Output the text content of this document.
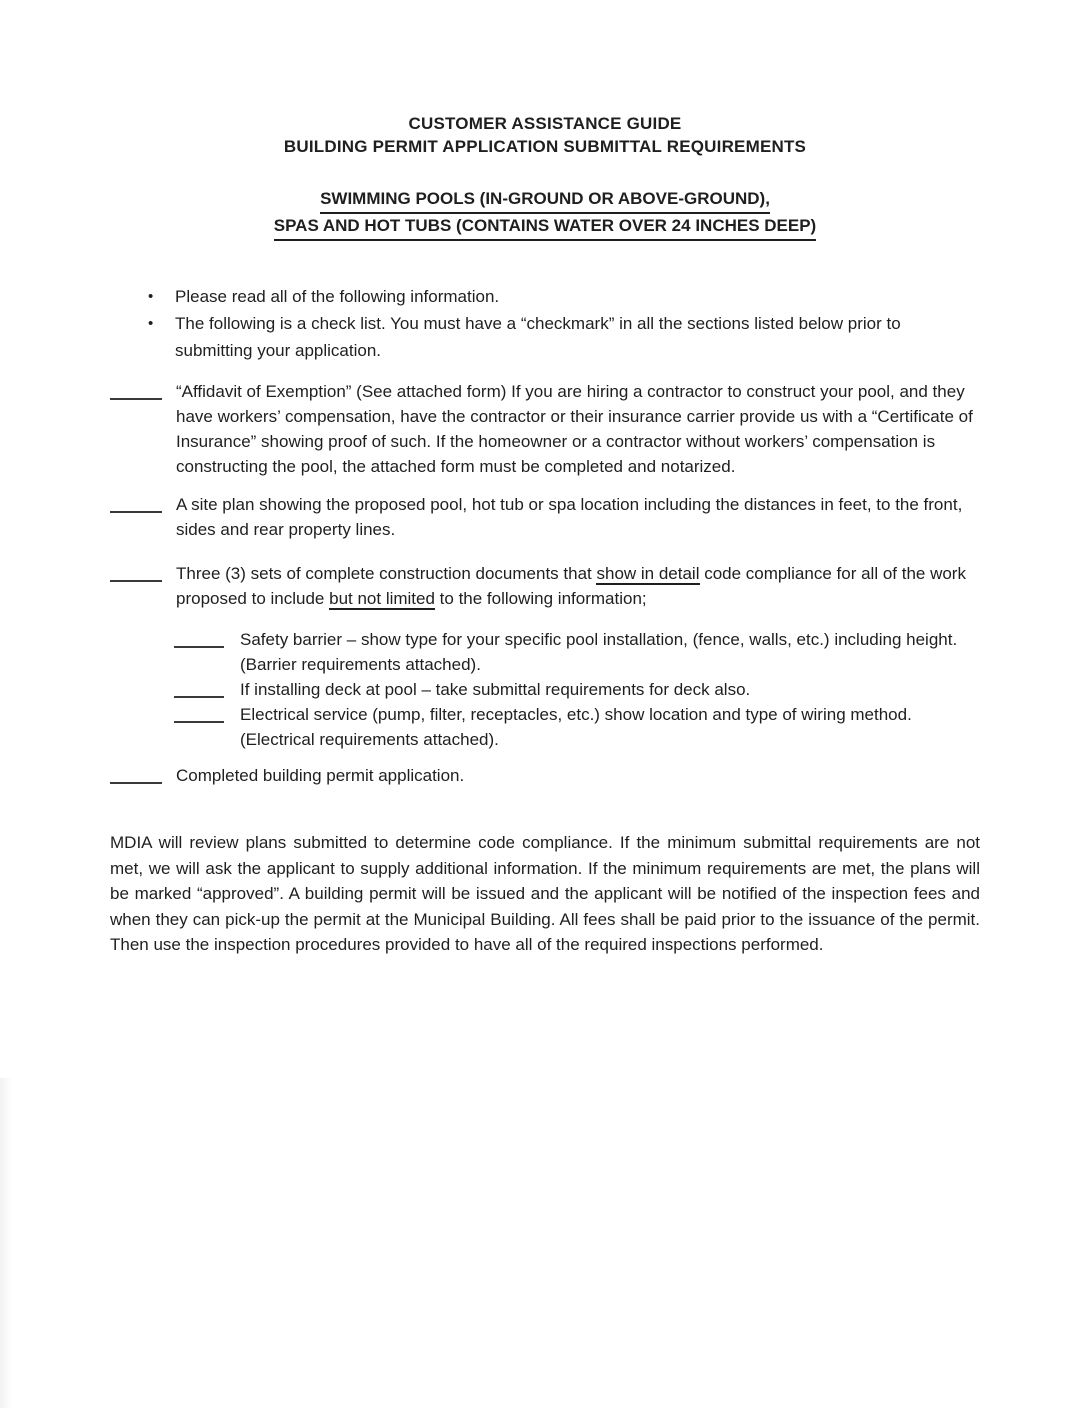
CUSTOMER ASSISTANCE GUIDE
BUILDING PERMIT APPLICATION SUBMITTAL REQUIREMENTS
SWIMMING POOLS (IN-GROUND OR ABOVE-GROUND),
SPAS AND HOT TUBS (CONTAINS WATER OVER 24 INCHES DEEP)
•	Please read all of the following information.
•	The following is a check list. You must have a “checkmark” in all the sections listed below prior to submitting your application.
“Affidavit of Exemption” (See attached form) If you are hiring a contractor to construct your pool, and they have workers’ compensation, have the contractor or their insurance carrier provide us with a “Certificate of Insurance” showing proof of such. If the homeowner or a contractor without workers’ compensation is constructing the pool, the attached form must be completed and notarized.
A site plan showing the proposed pool, hot tub or spa location including the distances in feet, to the front, sides and rear property lines.
Three (3) sets of complete construction documents that show in detail code compliance for all of the work proposed to include but not limited to the following information;
Safety barrier – show type for your specific pool installation, (fence, walls, etc.) including height. (Barrier requirements attached).
If installing deck at pool – take submittal requirements for deck also.
Electrical service (pump, filter, receptacles, etc.) show location and type of wiring method. (Electrical requirements attached).
Completed building permit application.

MDIA will review plans submitted to determine code compliance. If the minimum submittal requirements are not met, we will ask the applicant to supply additional information. If the minimum requirements are met, the plans will be marked “approved”. A building permit will be issued and the applicant will be notified of the inspection fees and when they can pick-up the permit at the Municipal Building. All fees shall be paid prior to the issuance of the permit. Then use the inspection procedures provided to have all of the required inspections performed.
